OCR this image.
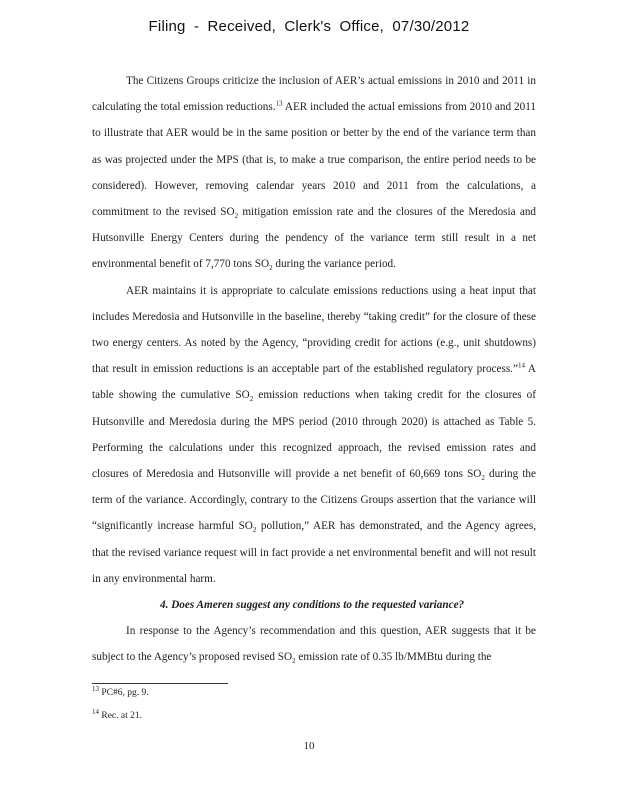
Filing - Received, Clerk's Office, 07/30/2012

The Citizens Groups criticize the inclusion of AER’s actual emissions in 2010 and 2011 in calculating the total emission reductions.$^{13}$ AER included the actual emissions from 2010 and 2011 to illustrate that AER would be in the same position or better by the end of the variance term than as was projected under the MPS (that is, to make a true comparison, the entire period needs to be considered). However, removing calendar years 2010 and 2011 from the calculations, a commitment to the revised $SO_2$ mitigation emission rate and the closures of the Meredosia and Hutsonville Energy Centers during the pendency of the variance term still result in a net environmental benefit of 7,770 tons $SO_2$ during the variance period.

AER maintains it is appropriate to calculate emissions reductions using a heat input that includes Meredosia and Hutsonville in the baseline, thereby “taking credit” for the closure of these two energy centers. As noted by the Agency, “providing credit for actions (e.g., unit shutdowns) that result in emission reductions is an acceptable part of the established regulatory process.”$^{14}$ A table showing the cumulative $SO_2$ emission reductions when taking credit for the closures of Hutsonville and Meredosia during the MPS period (2010 through 2020) is attached as Table 5. Performing the calculations under this recognized approach, the revised emission rates and closures of Meredosia and Hutsonville will provide a net benefit of 60,669 tons $SO_2$ during the term of the variance. Accordingly, contrary to the Citizens Groups assertion that the variance will “significantly increase harmful $SO_2$ pollution,” AER has demonstrated, and the Agency agrees, that the revised variance request will in fact provide a net environmental benefit and will not result in any environmental harm.

4. Does Ameren suggest any conditions to the requested variance?

In response to the Agency’s recommendation and this question, AER suggests that it be subject to the Agency’s proposed revised $SO_2$ emission rate of 0.35 lb/MMBtu during the

$^{13}$ PC#6, pg. 9.
$^{14}$ Rec. at 21.
10
